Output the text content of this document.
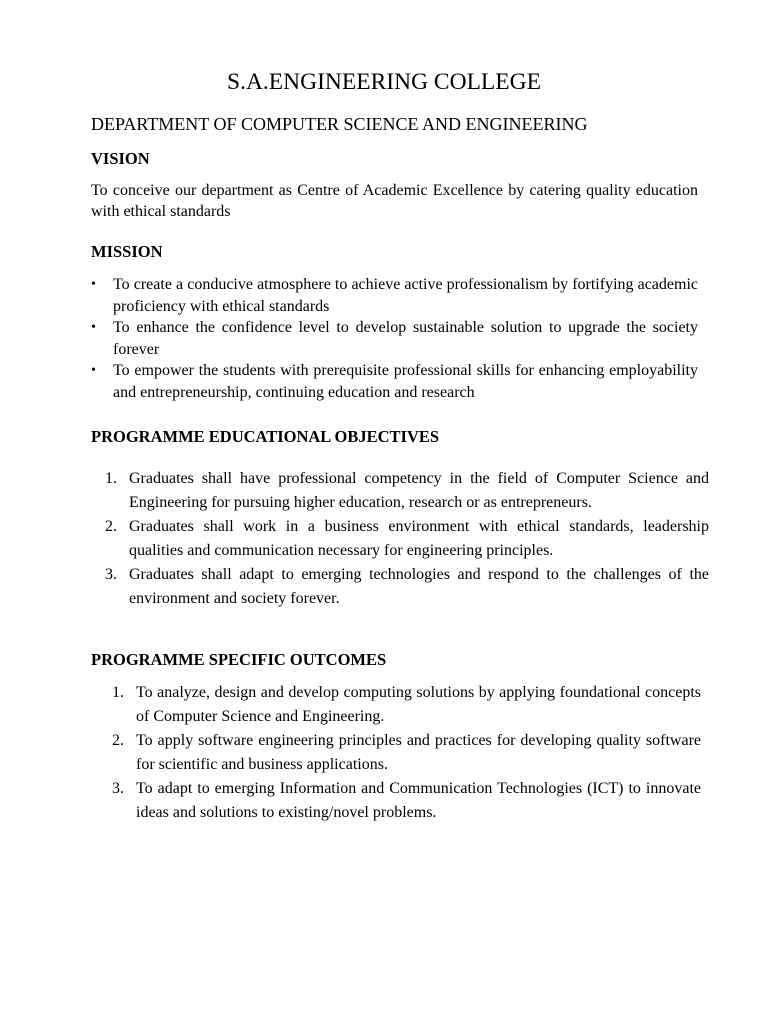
S.A.ENGINEERING COLLEGE
DEPARTMENT OF COMPUTER SCIENCE AND ENGINEERING
VISION

To conceive our department as Centre of Academic Excellence by catering quality education with ethical standards

MISSION
•	To create a conducive atmosphere to achieve active professionalism by fortifying academic proficiency with ethical standards
•	To enhance the confidence level to develop sustainable solution to upgrade the society forever
•	To empower the students with prerequisite professional skills for enhancing employability and entrepreneurship, continuing education and research
PROGRAMME EDUCATIONAL OBJECTIVES
1. Graduates shall have professional competency in the field of Computer Science and Engineering for pursuing higher education, research or as entrepreneurs.
2. Graduates shall work in a business environment with ethical standards, leadership qualities and communication necessary for engineering principles.
3. Graduates shall adapt to emerging technologies and respond to the challenges of the environment and society forever.
PROGRAMME SPECIFIC OUTCOMES
1. To analyze, design and develop computing solutions by applying foundational concepts of Computer Science and Engineering.
2. To apply software engineering principles and practices for developing quality software for scientific and business applications.
3. To adapt to emerging Information and Communication Technologies (ICT) to innovate ideas and solutions to existing/novel problems.
